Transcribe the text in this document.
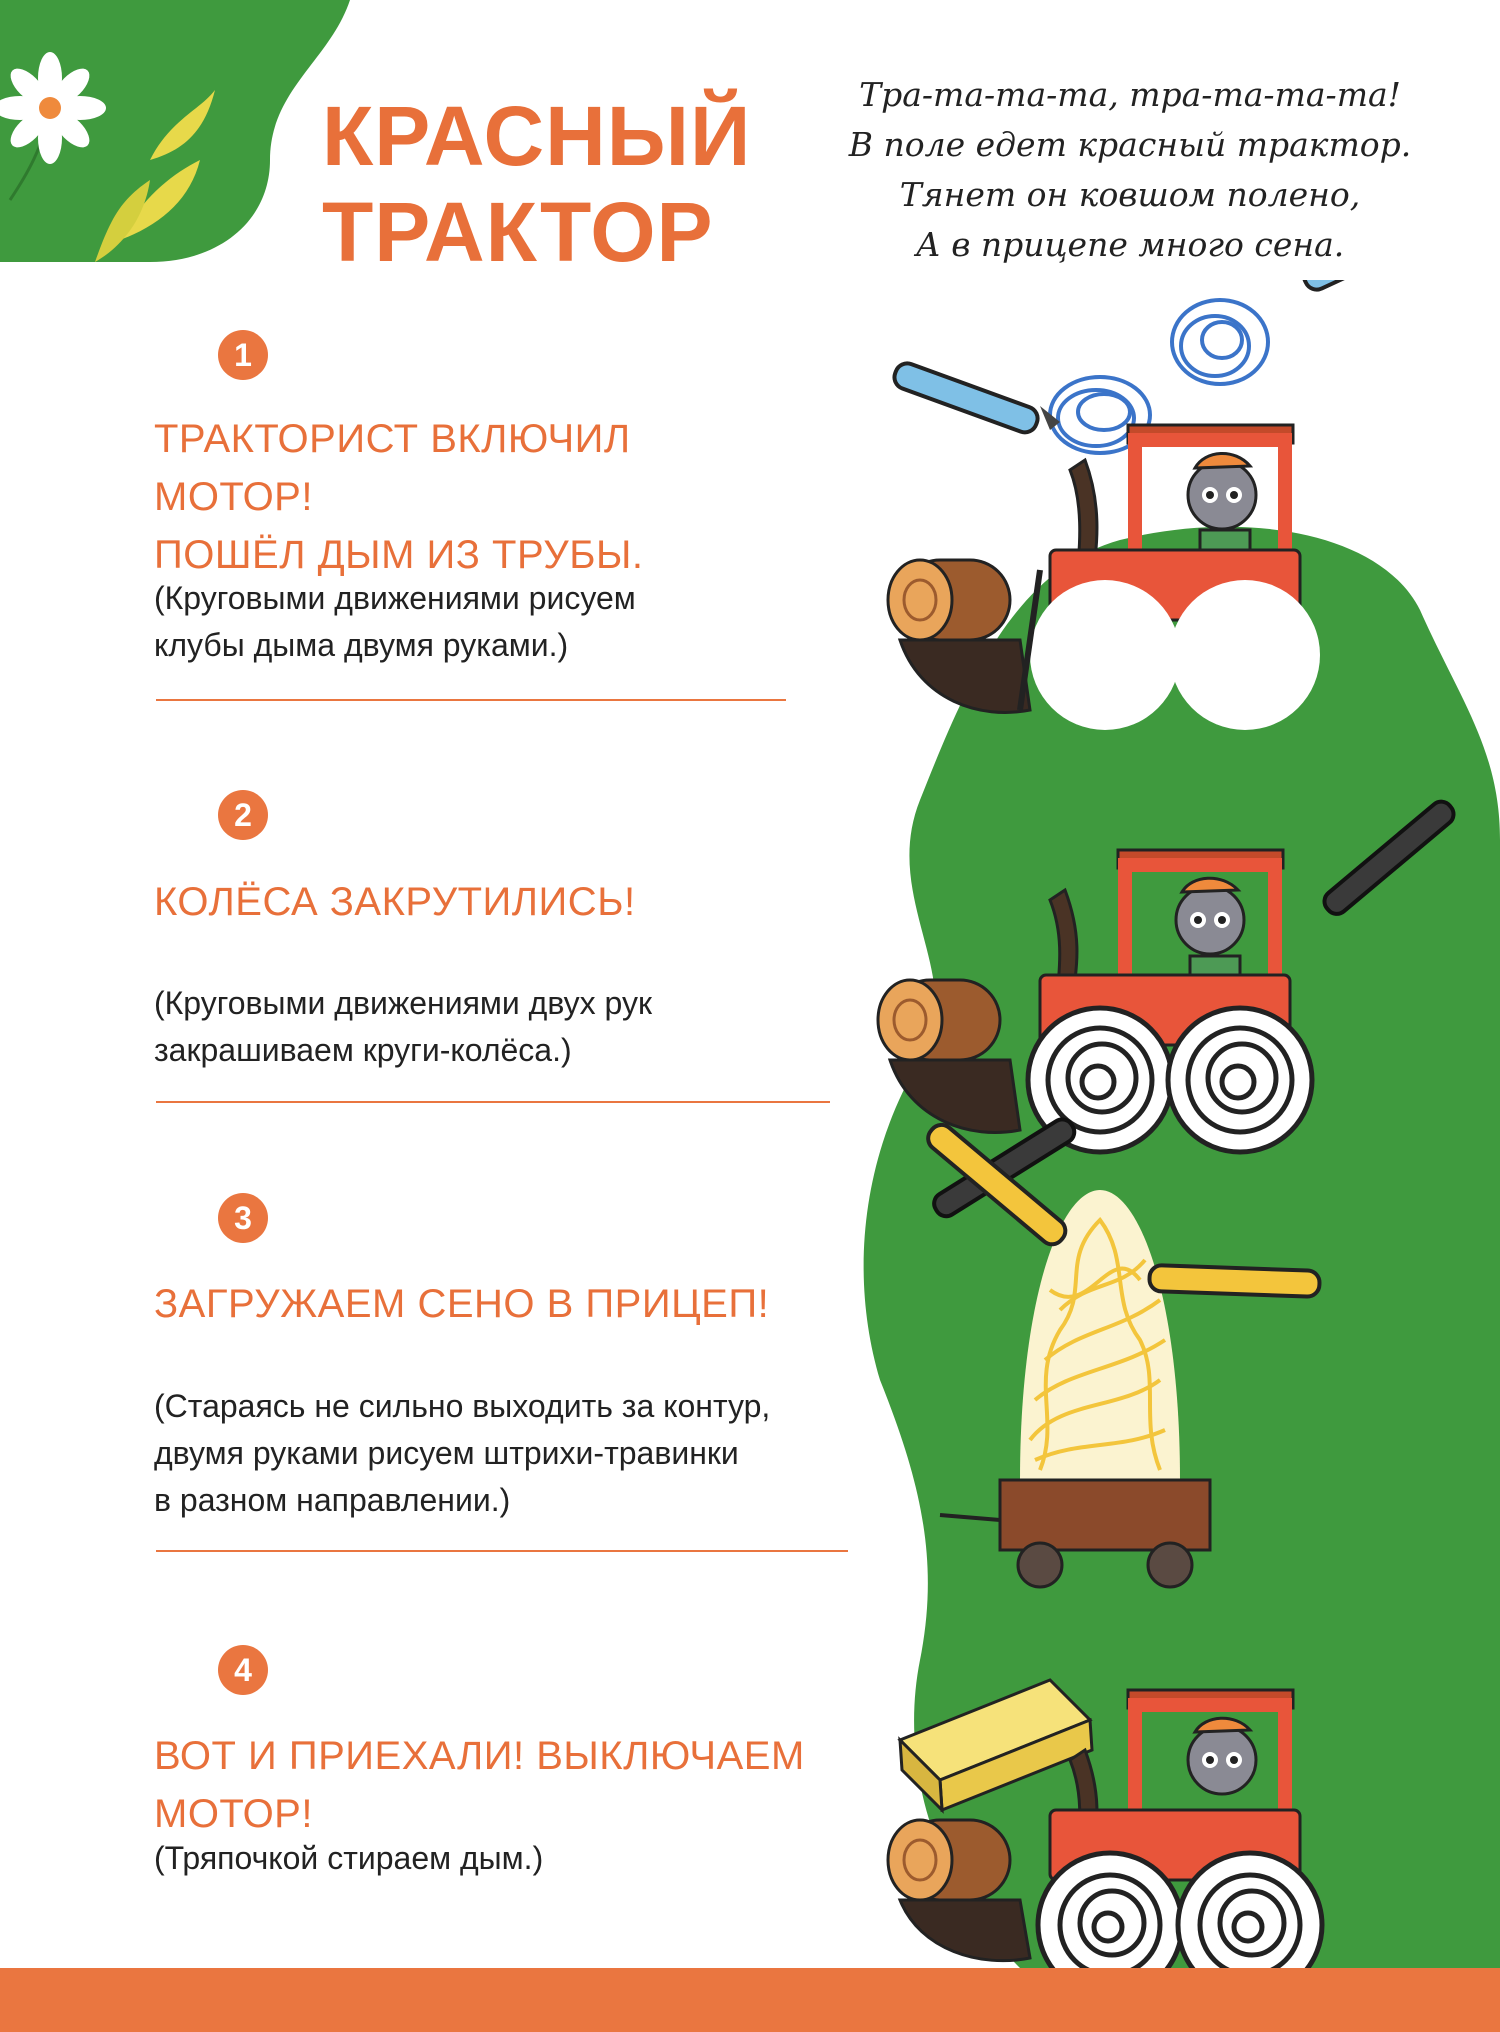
КРАСНЫЙ
ТРАКТОР
Тра-та-та-та, тра-та-та-та!
В поле едет красный трактор.
Тянет он ковшом полено,
А в прицепе много сена.
1
ТРАКТОРИСТ ВКЛЮЧИЛ МОТОР!
ПОШЁЛ ДЫМ ИЗ ТРУБЫ.
(Круговыми движениями рисуем
клубы дыма двумя руками.)
2
КОЛЁСА ЗАКРУТИЛИСЬ!
(Круговыми движениями двух рук
закрашиваем круги-колёса.)
3
ЗАГРУЖАЕМ СЕНО В ПРИЦЕП!
(Стараясь не сильно выходить за контур,
двумя руками рисуем штрихи-травинки
в разном направлении.)
4
ВОТ И ПРИЕХАЛИ! ВЫКЛЮЧАЕМ МОТОР!
(Тряпочкой стираем дым.)
